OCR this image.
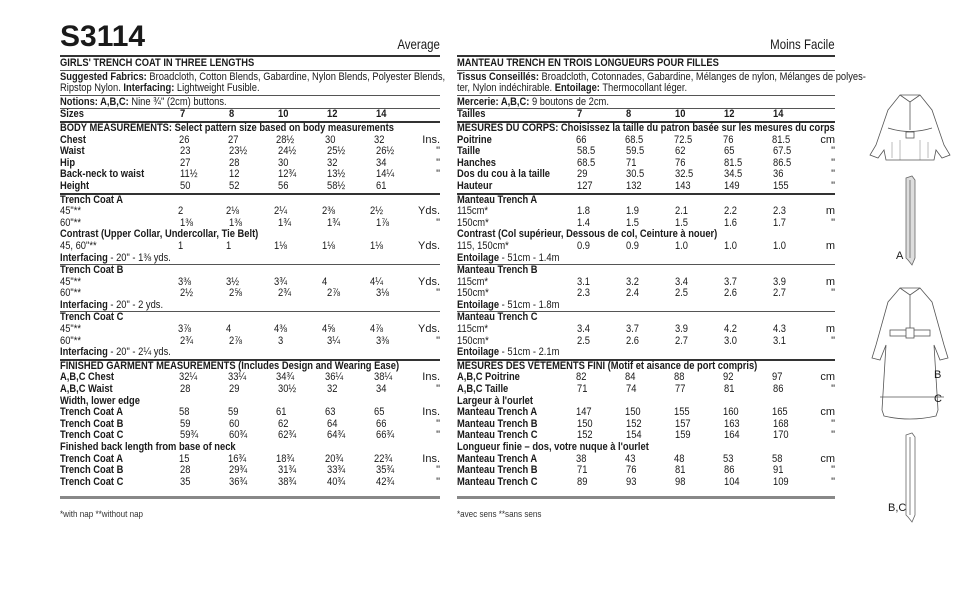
S3114	Average
GIRLS' TRENCH COAT IN THREE LENGTHS
Suggested Fabrics: Broadcloth, Cotton Blends, Gabardine, Nylon Blends, Polyester Blends,
Ripstop Nylon. Interfacing: Lightweight Fusible.
Notions: A,B,C: Nine ¾" (2cm) buttons.
Sizes	7	8	10	12	14
BODY MEASUREMENTS: Select pattern size based on body measurements
Chest	26	27	28½	30	32	Ins.
Waist	23	23½	24½	25½	26½	"
Hip	27	28	30	32	34	"
Back-neck to waist	11½	12	12¾	13½	14¼	"
Height	50	52	56	58½	61
Trench Coat A
45"**	2	2⅛	2¼	2⅜	2½	Yds.
60"**	1⅜	1⅜	1¾	1¾	1⅞	"
Contrast (Upper Collar, Undercollar, Tie Belt)
45, 60"**	1	1	1⅛	1⅛	1⅛	Yds.
Interfacing - 20" - 1⅜ yds.
Trench Coat B
45"**	3⅜	3½	3¾	4	4¼	Yds.
60"**	2½	2⅝	2¾	2⅞	3⅛	"
Interfacing - 20" - 2 yds.
Trench Coat C
45"**	3⅞	4	4⅜	4⅝	4⅞	Yds.
60"**	2¾	2⅞	3	3¼	3⅜	"
Interfacing - 20" - 2¼ yds.
FINISHED GARMENT MEASUREMENTS (Includes Design and Wearing Ease)
A,B,C Chest	32¼	33¼	34¾	36¼	38¼	Ins.
A,B,C Waist	28	29	30½	32	34	"
Width, lower edge
Trench Coat A	58	59	61	63	65	Ins.
Trench Coat B	59	60	62	64	66	"
Trench Coat C	59¾	60¾	62¾	64¾	66¾	"
Finished back length from base of neck
Trench Coat A	15	16¾	18¾	20¾	22¾	Ins.
Trench Coat B	28	29¾	31¾	33¾	35¾	"
Trench Coat C	35	36¾	38¾	40¾	42¾	"
*with nap **without nap
Moins Facile
MANTEAU TRENCH EN TROIS LONGUEURS POUR FILLES
Tissus Conseillés: Broadcloth, Cotonnades, Gabardine, Mélanges de nylon, Mélanges de polyes-
ter, Nylon indéchirable. Entoilage: Thermocollant léger.
Mercerie: A,B,C: 9 boutons de 2cm.
Tailles	7	8	10	12	14
MESURES DU CORPS: Choisissez la taille du patron basée sur les mesures du corps
Poitrine	66	68.5	72.5	76	81.5	cm
Taille	58.5	59.5	62	65	67.5	"
Hanches	68.5	71	76	81.5	86.5	"
Dos du cou à la taille	29	30.5	32.5	34.5	36	"
Hauteur	127	132	143	149	155	"
Manteau Trench A
115cm*	1.8	1.9	2.1	2.2	2.3	m
150cm*	1.4	1.5	1.5	1.6	1.7	"
Contrast (Col supérieur, Dessous de col, Ceinture à nouer)
115, 150cm*	0.9	0.9	1.0	1.0	1.0	m
Entoilage - 51cm - 1.4m
Manteau Trench B
115cm*	3.1	3.2	3.4	3.7	3.9	m
150cm*	2.3	2.4	2.5	2.6	2.7	"
Entoilage - 51cm - 1.8m
Manteau Trench C
115cm*	3.4	3.7	3.9	4.2	4.3	m
150cm*	2.5	2.6	2.7	3.0	3.1	"
Entoilage - 51cm - 2.1m
MESURES DES VÊTEMENTS FINI (Motif et aisance de port compris)
A,B,C Poitrine	82	84	88	92	97	cm
A,B,C Taille	71	74	77	81	86	"
Largeur à l'ourlet
Manteau Trench A	147	150	155	160	165	cm
Manteau Trench B	150	152	157	163	168	"
Manteau Trench C	152	154	159	164	170	"
Longueur finie – dos, votre nuque à l'ourlet
Manteau Trench A	38	43	48	53	58	cm
Manteau Trench B	71	76	81	86	91	"
Manteau Trench C	89	93	98	104	109	"
*avec sens **sans sens
A
B
C
B,C
